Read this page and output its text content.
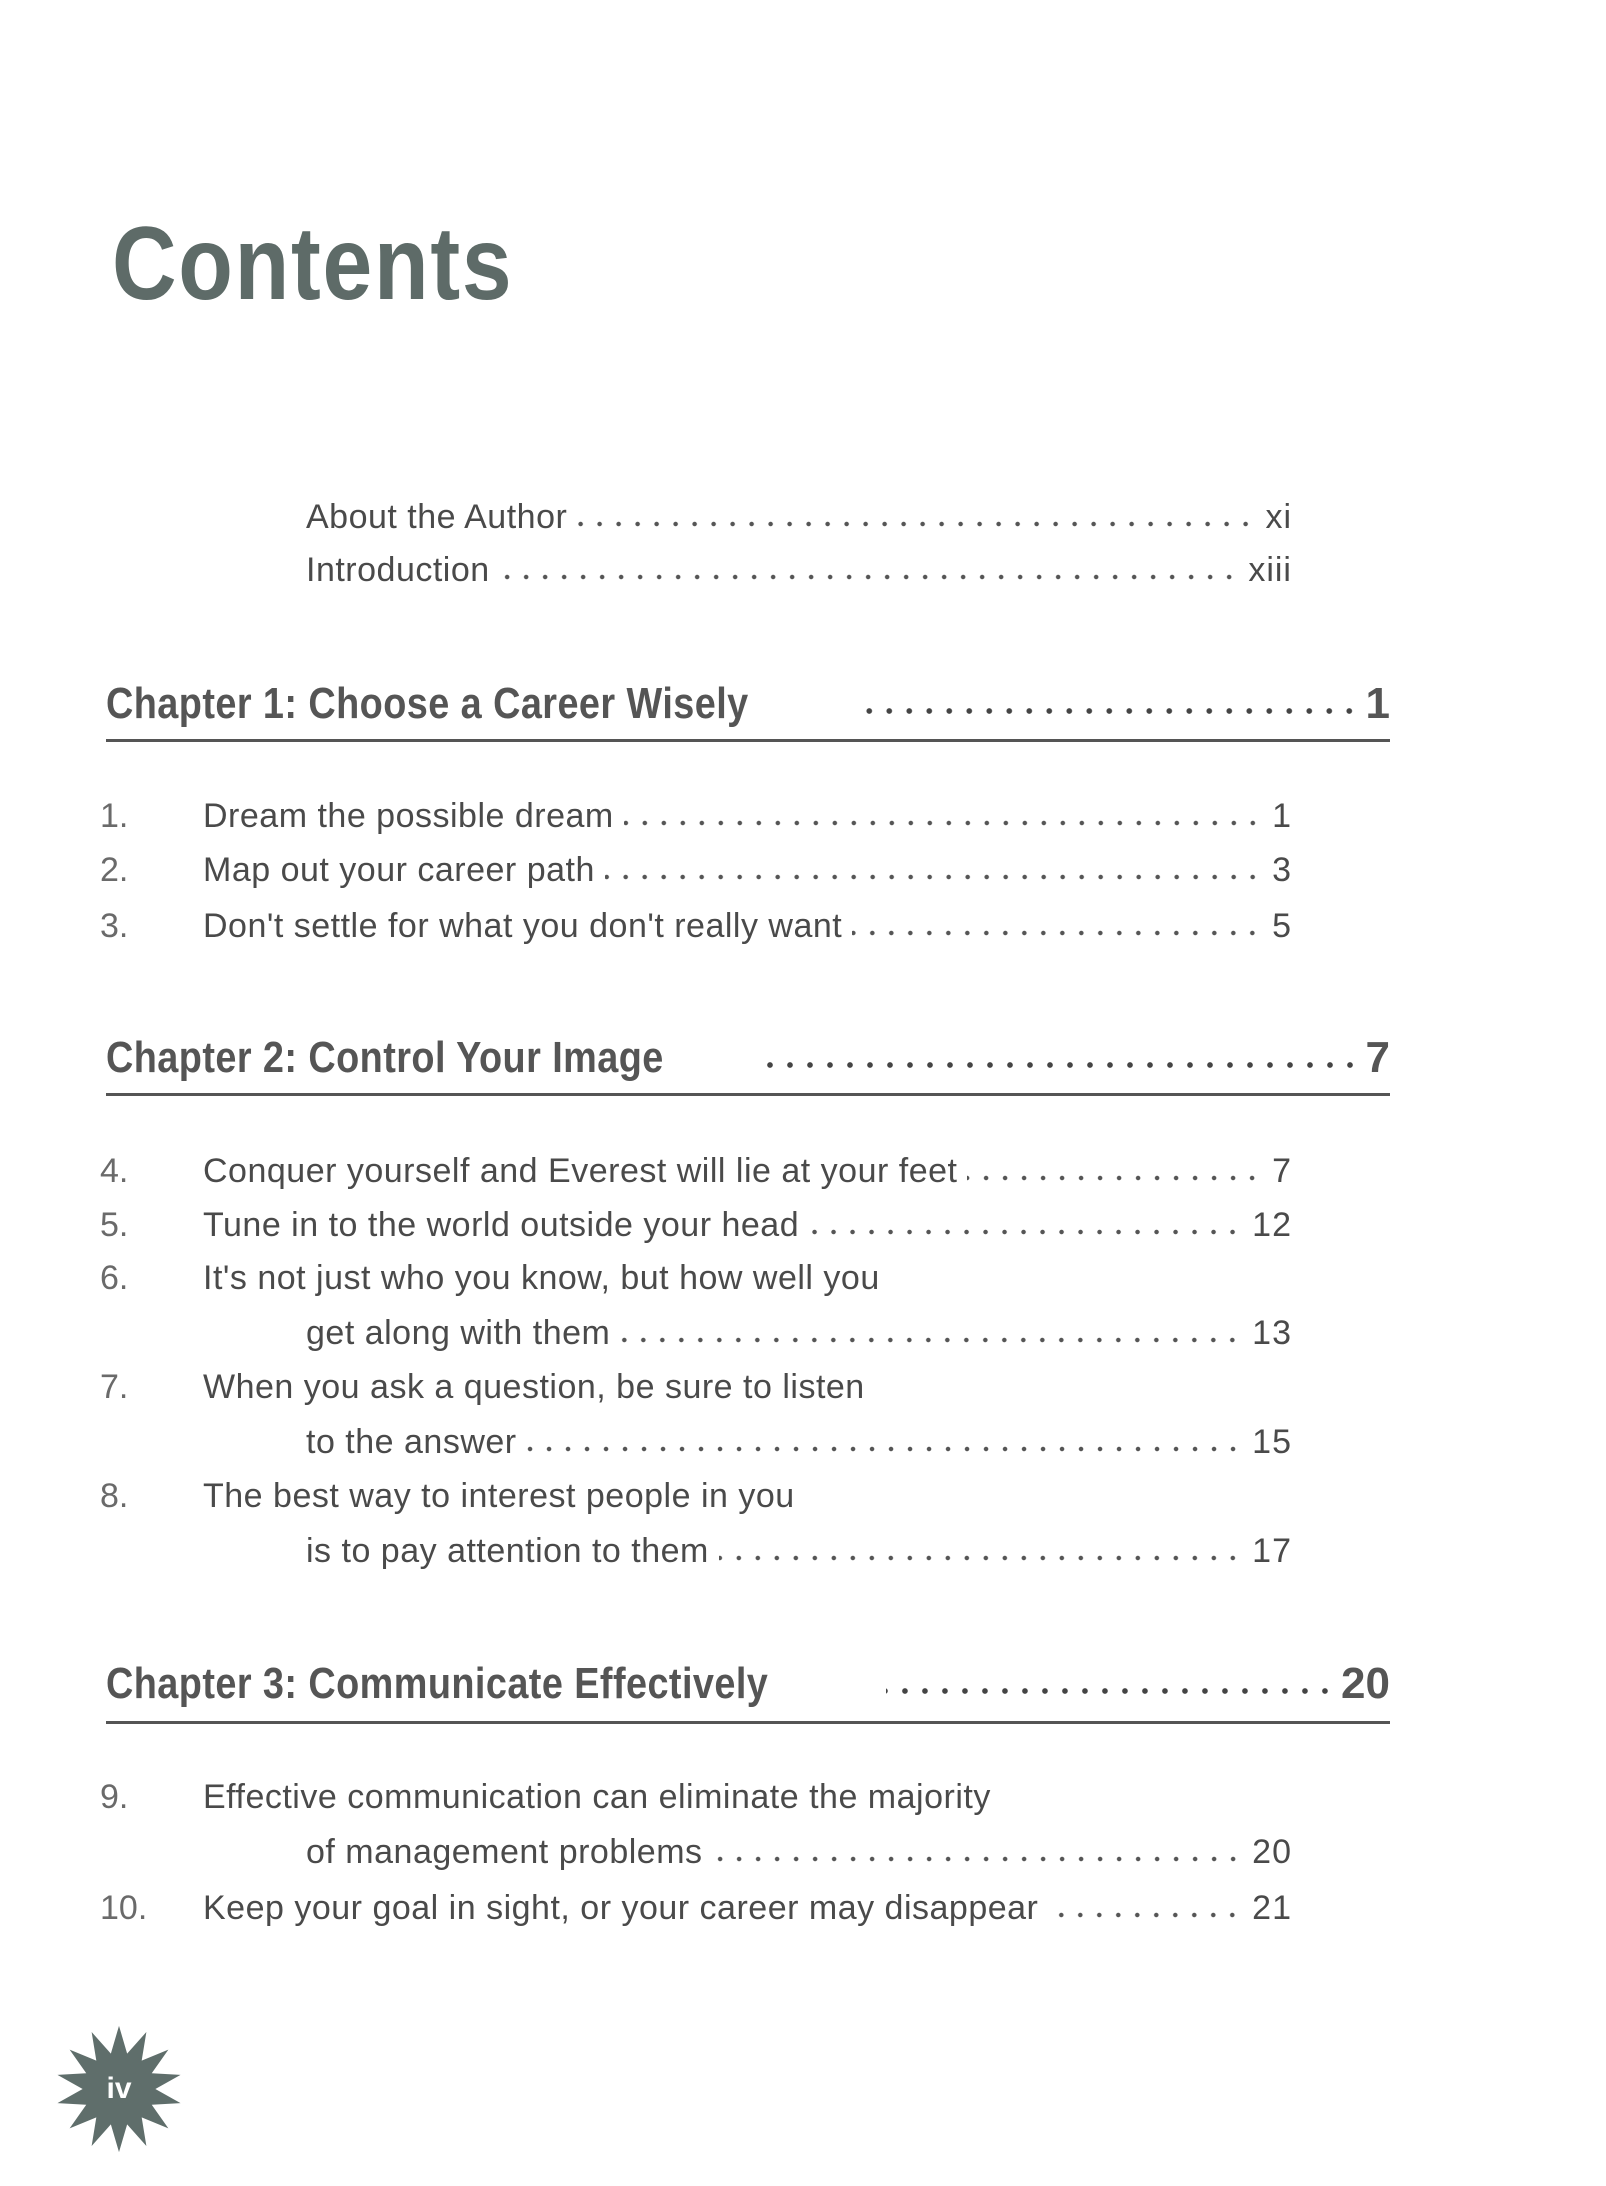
Contents
About the Author	xi
Introduction	xiii
Chapter 1: Choose a Career Wisely	1
1.	Dream the possible dream	1
2.	Map out your career path	3
3.	Don't settle for what you don't really want	5
Chapter 2: Control Your Image	7
4.	Conquer yourself and Everest will lie at your feet	7
5.	Tune in to the world outside your head	12
6.	It's not just who you know, but how well you
get along with them	13
7.	When you ask a question, be sure to listen
to the answer	15
8.	The best way to interest people in you
is to pay attention to them	17
Chapter 3: Communicate Effectively	20
9.	Effective communication can eliminate the majority
of management problems	20
10.	Keep your goal in sight, or your career may disappear	21
iv
